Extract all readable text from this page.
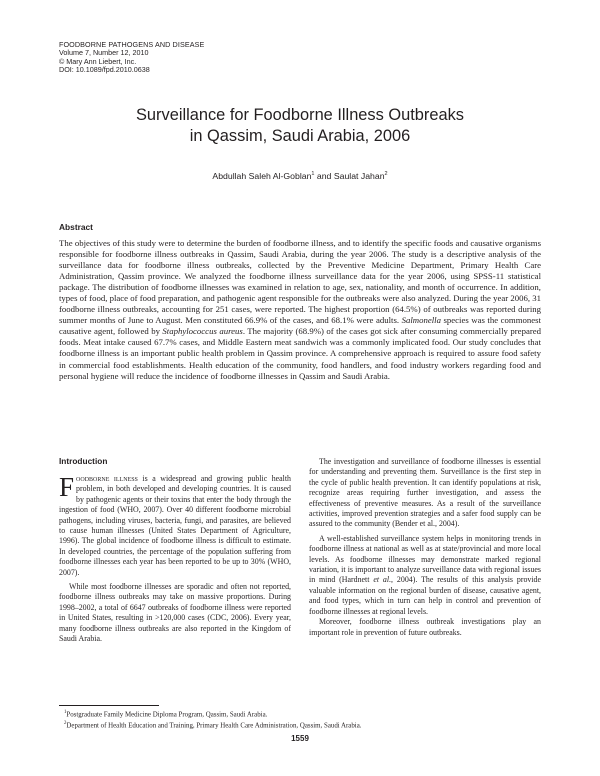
FOODBORNE PATHOGENS AND DISEASE
Volume 7, Number 12, 2010
© Mary Ann Liebert, Inc.
DOI: 10.1089/fpd.2010.0638
Surveillance for Foodborne Illness Outbreaks
in Qassim, Saudi Arabia, 2006
Abdullah Saleh Al-Goblan$^1$ and Saulat Jahan$^2$
Abstract

The objectives of this study were to determine the burden of foodborne illness, and to identify the specific foods and causative organisms responsible for foodborne illness outbreaks in Qassim, Saudi Arabia, during the year 2006. The study is a descriptive analysis of the surveillance data for foodborne illness outbreaks, collected by the Preventive Medicine Department, Primary Health Care Administration, Qassim province. We analyzed the foodborne illness surveillance data for the year 2006, using SPSS-11 statistical package. The distribution of foodborne illnesses was examined in relation to age, sex, nationality, and month of occurrence. In addition, types of food, place of food preparation, and pathogenic agent responsible for the outbreaks were also analyzed. During the year 2006, 31 foodborne illness outbreaks, accounting for 251 cases, were reported. The highest proportion (64.5%) of outbreaks was reported during summer months of June to August. Men constituted 66.9% of the cases, and 68.1% were adults. Salmonella species was the commonest causative agent, followed by Staphylococcus aureus. The majority (68.9%) of the cases got sick after consuming commercially prepared foods. Meat intake caused 67.7% cases, and Middle Eastern meat sandwich was a commonly implicated food. Our study concludes that foodborne illness is an important public health problem in Qassim province. A comprehensive approach is required to assure food safety in commercial food establishments. Health education of the community, food handlers, and food industry workers regarding food and personal hygiene will reduce the incidence of foodborne illnesses in Qassim and Saudi Arabia.

Introduction

Foodborne illness is a widespread and growing public health problem, in both developed and developing countries. It is caused by pathogenic agents or their toxins that enter the body through the ingestion of food (WHO, 2007). Over 40 different foodborne microbial pathogens, including viruses, bacteria, fungi, and parasites, are believed to cause human illnesses (United States Department of Agriculture, 1996). The global incidence of foodborne illness is difficult to estimate. In developed countries, the percentage of the population suffering from foodborne illnesses each year has been reported to be up to 30% (WHO, 2007).

While most foodborne illnesses are sporadic and often not reported, foodborne illness outbreaks may take on massive proportions. During 1998–2002, a total of 6647 outbreaks of foodborne illness were reported in United States, resulting in >120,000 cases (CDC, 2006). Every year, many foodborne illness outbreaks are also reported in the Kingdom of Saudi Arabia.

The investigation and surveillance of foodborne illnesses is essential for understanding and preventing them. Surveillance is the first step in the cycle of public health prevention. It can identify populations at risk, recognize areas requiring further investigation, and assess the effectiveness of preventive measures. As a result of the surveillance activities, improved prevention strategies and a safer food supply can be assured to the community (Bender et al., 2004).

A well-established surveillance system helps in monitoring trends in foodborne illness at national as well as at state/provincial and more local levels. As foodborne illnesses may demonstrate marked regional variation, it is important to analyze surveillance data with regional issues in mind (Hardnett et al., 2004). The results of this analysis provide valuable information on the regional burden of disease, causative agent, and food types, which in turn can help in control and prevention of foodborne illnesses at regional levels.

Moreover, foodborne illness outbreak investigations play an important role in prevention of future outbreaks.

$^1$Postgraduate Family Medicine Diploma Program, Qassim, Saudi Arabia.
$^2$Department of Health Education and Training, Primary Health Care Administration, Qassim, Saudi Arabia.
1559
